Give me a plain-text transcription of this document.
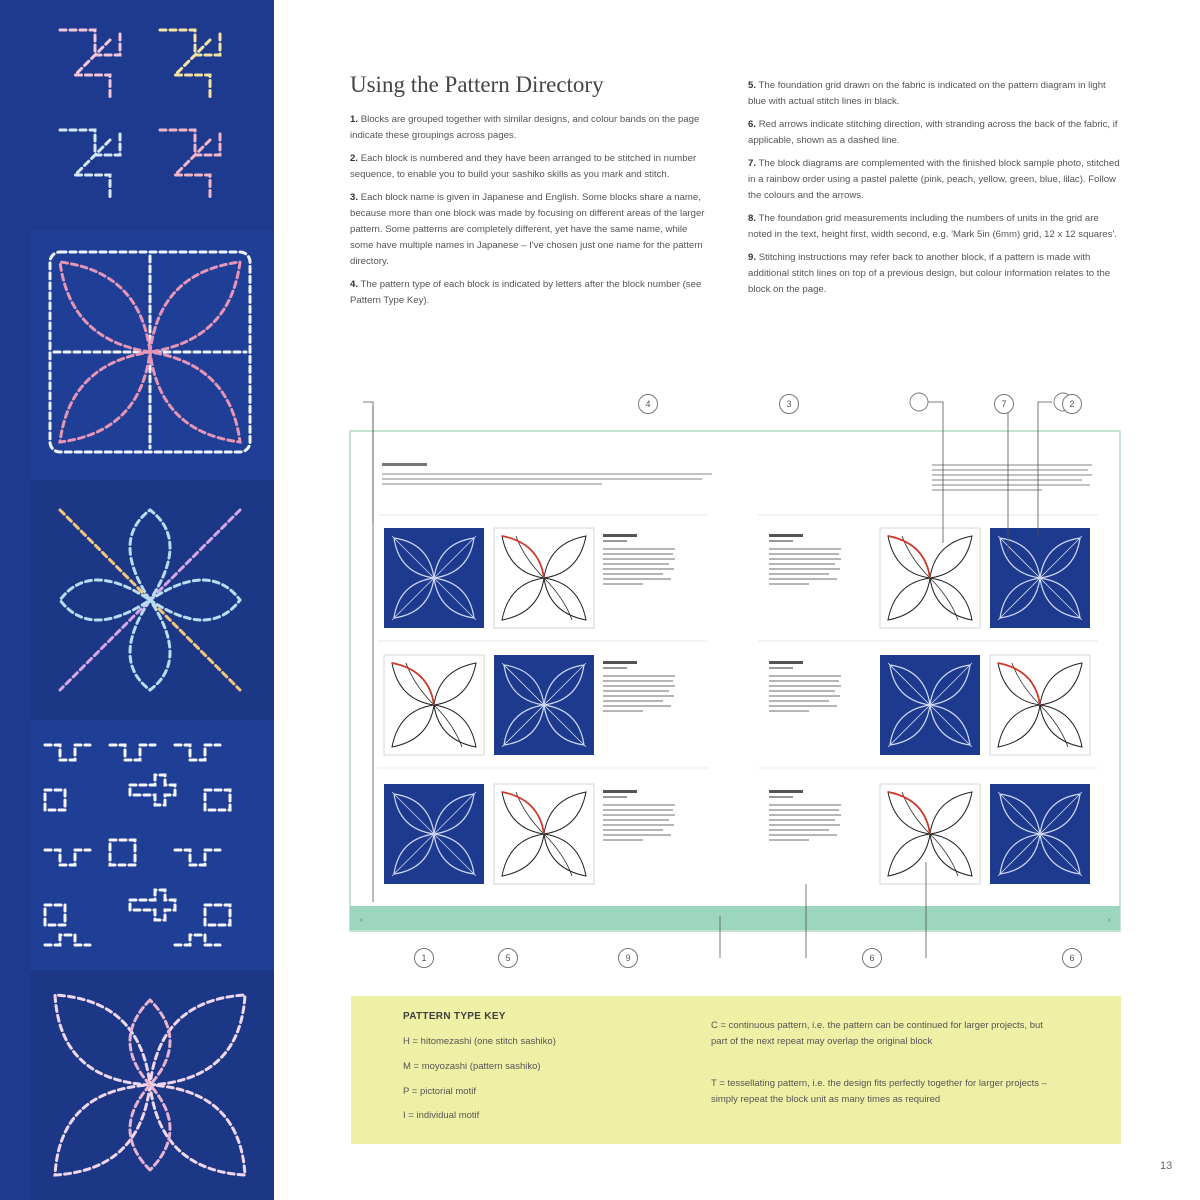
Using the Pattern Directory

1. Blocks are grouped together with similar designs, and colour bands on the page indicate these groupings across pages.

2. Each block is numbered and they have been arranged to be stitched in number sequence, to enable you to build your sashiko skills as you mark and stitch.

3. Each block name is given in Japanese and English. Some blocks share a name, because more than one block was made by focusing on different areas of the larger pattern. Some patterns are completely different, yet have the same name, while some have multiple names in Japanese – I've chosen just one name for the pattern directory.

4. The pattern type of each block is indicated by letters after the block number (see Pattern Type Key).

5. The foundation grid drawn on the fabric is indicated on the pattern diagram in light blue with actual stitch lines in black.

6. Red arrows indicate stitching direction, with stranding across the back of the fabric, if applicable, shown as a dashed line.

7. The block diagrams are complemented with the finished block sample photo, stitched in a rainbow order using a pastel palette (pink, peach, yellow, green, blue, lilac). Follow the colours and the arrows.

8. The foundation grid measurements including the numbers of units in the grid are noted in the text, height first, width second, e.g. 'Mark 5in (6mm) grid, 12 x 12 squares'.

9. Stitching instructions may refer back to another block, if a pattern is made with additional stitch lines on top of a previous design, but colour information relates to the block on the page.

‹	›
4	3	7	2
1	5	9	6	6
PATTERN TYPE KEY
H = hitomezashi (one stitch sashiko)
M = moyozashi (pattern sashiko)
P = pictorial motif
I = individual motif

C = continuous pattern, i.e. the pattern can be continued for larger projects, but part of the next repeat may overlap the original block

T = tessellating pattern, i.e. the design fits perfectly together for larger projects – simply repeat the block unit as many times as required

13
